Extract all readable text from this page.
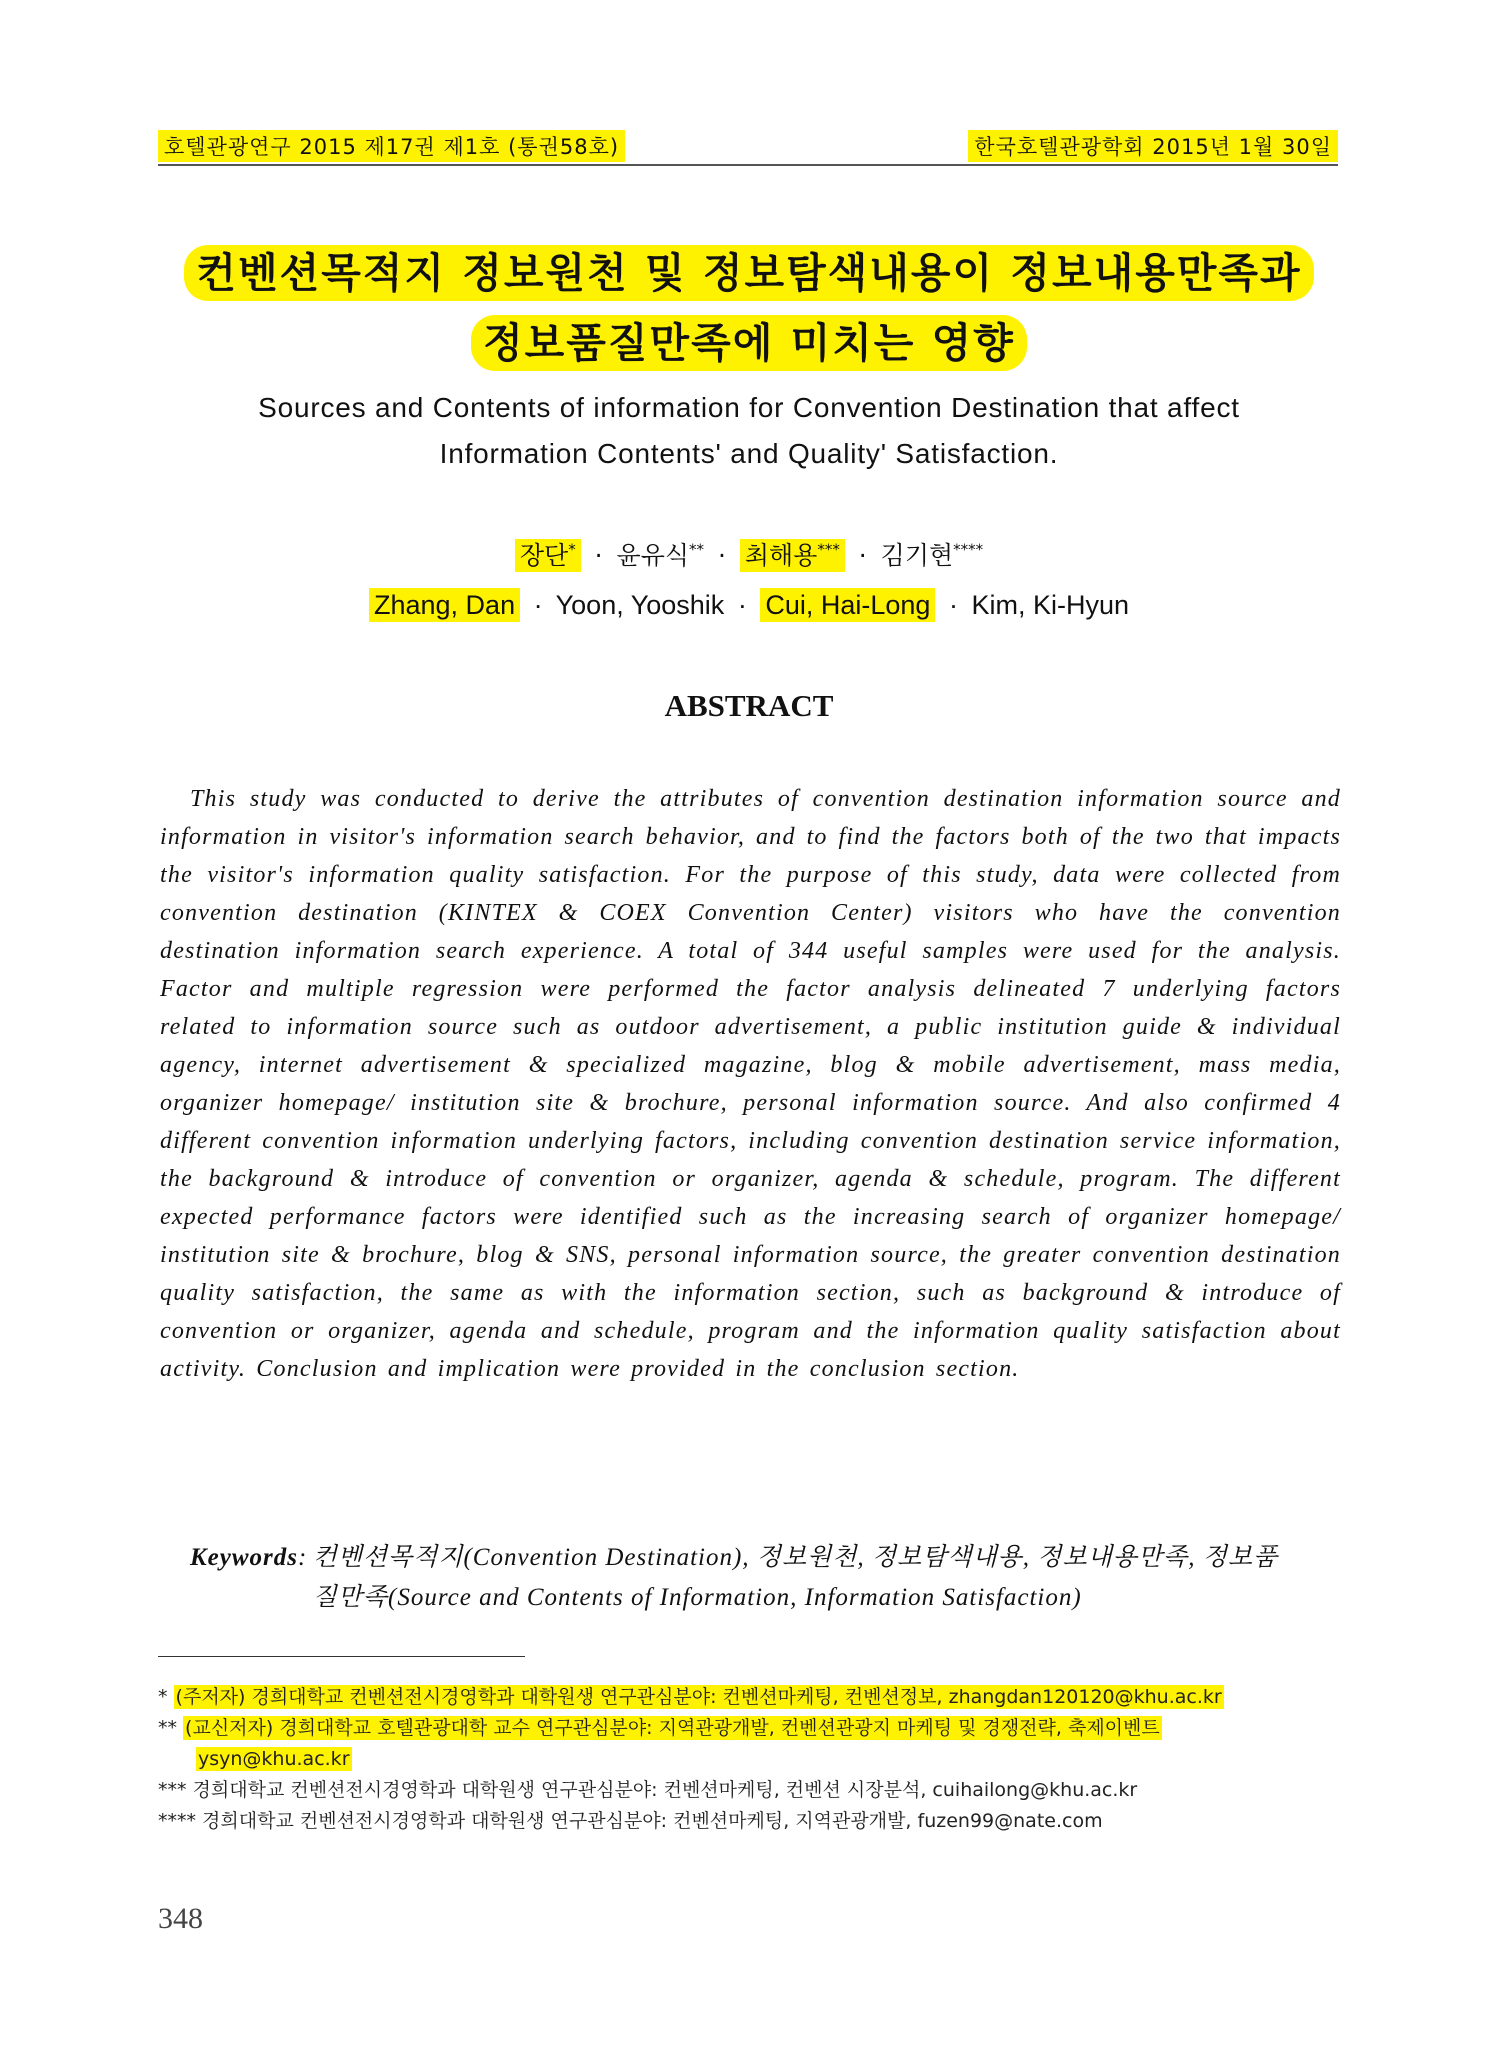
호텔관광연구 2015 제17권 제1호 (통권58호)	한국호텔관광학회 2015년 1월 30일
컨벤션목적지 정보원천 및 정보탐색내용이 정보내용만족과
정보품질만족에 미치는 영향
Sources and Contents of information for Convention Destination that affect
Information Contents' and Quality' Satisfaction.
장단* · 윤유식** · 최해용*** · 김기현****
Zhang, Dan · Yoon, Yooshik · Cui, Hai-Long · Kim, Ki-Hyun
ABSTRACT
This study was conducted to derive the attributes of convention destination information source and information in visitor's information search behavior, and to find the factors both of the two that impacts the visitor's information quality satisfaction. For the purpose of this study, data were collected from convention destination (KINTEX & COEX Convention Center) visitors who have the convention destination information search experience. A total of 344 useful samples were used for the analysis. Factor and multiple regression were performed the factor analysis delineated 7 underlying factors related to information source such as outdoor advertisement, a public institution guide & individual agency, internet advertisement & specialized magazine, blog & mobile advertisement, mass media, organizer homepage/ institution site & brochure, personal information source. And also confirmed 4 different convention information underlying factors, including convention destination service information, the background & introduce of convention or organizer, agenda & schedule, program. The different expected performance factors were identified such as the increasing search of organizer homepage/ institution site & brochure, blog & SNS, personal information source, the greater convention destination quality satisfaction, the same as with the information section, such as background & introduce of convention or organizer, agenda and schedule, program and the information quality satisfaction about activity. Conclusion and implication were provided in the conclusion section.
Keywords: 컨벤션목적지(Convention Destination), 정보원천, 정보탐색내용, 정보내용만족, 정보품질만족(Source and Contents of Information, Information Satisfaction)

* (주저자) 경희대학교 컨벤션전시경영학과 대학원생 연구관심분야: 컨벤션마케팅, 컨벤션정보, zhangdan120120@khu.ac.kr

** (교신저자) 경희대학교 호텔관광대학 교수 연구관심분야: 지역관광개발, 컨벤션관광지 마케팅 및 경쟁전략, 축제이벤트

ysyn@khu.ac.kr

*** 경희대학교 컨벤션전시경영학과 대학원생 연구관심분야: 컨벤션마케팅, 컨벤션 시장분석, cuihailong@khu.ac.kr

**** 경희대학교 컨벤션전시경영학과 대학원생 연구관심분야: 컨벤션마케팅, 지역관광개발, fuzen99@nate.com

348
